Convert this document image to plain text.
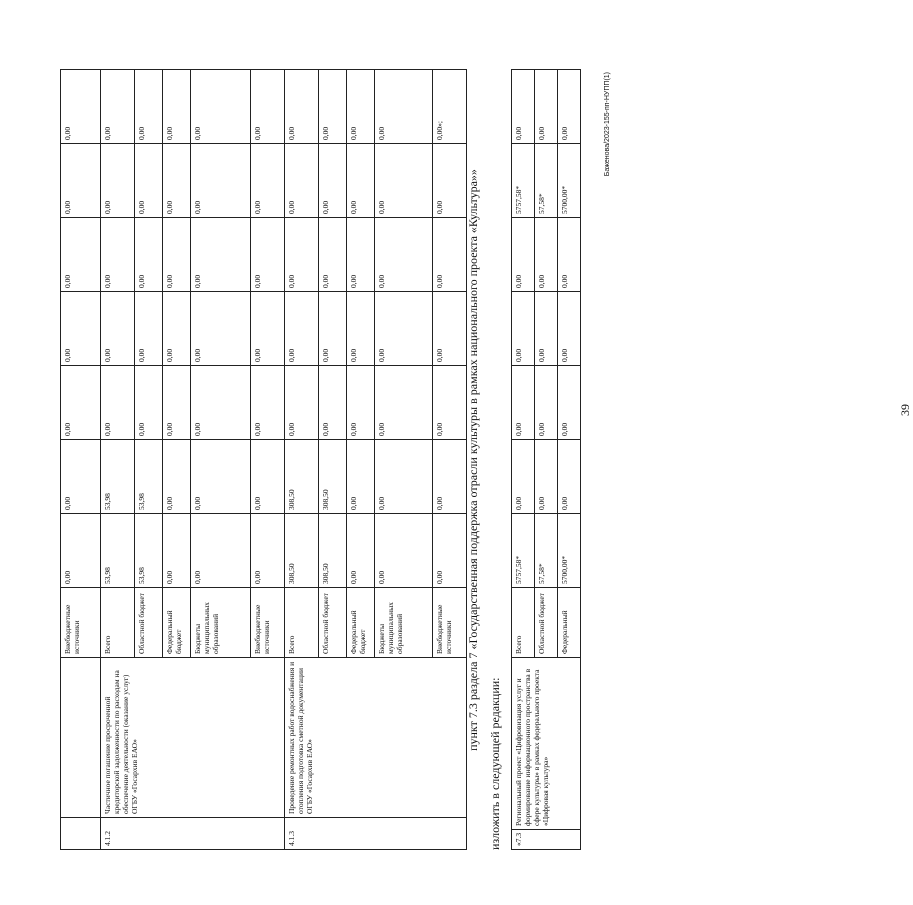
		Внебюджетные источники	0,00	0,00	0,00	0,00	0,00	0,00	0,00
4.1.2	Частичное погашение просроченной кредиторской задолженности по расходам на обеспечение деятельности (оказание услуг) ОГБУ «Госархив ЕАО»	Всего	53,98	53,98	0,00	0,00	0,00	0,00	0,00
		Областной бюджет	53,98	53,98	0,00	0,00	0,00	0,00	0,00
		Федеральный бюджет	0,00	0,00	0,00	0,00	0,00	0,00	0,00
		Бюджеты муниципальных образований	0,00	0,00	0,00	0,00	0,00	0,00	0,00
		Внебюджетные источники	0,00	0,00	0,00	0,00	0,00	0,00	0,00
4.1.3	Проведение ремонтных работ водоснабжения и отопления подготовка сметной документации ОГБУ «Госархив ЕАО»	Всего	308,50	308,50	0,00	0,00	0,00	0,00	0,00
		Областной бюджет	308,50	308,50	0,00	0,00	0,00	0,00	0,00
		Федеральный бюджет	0,00	0,00	0,00	0,00	0,00	0,00	0,00
		Бюджеты муниципальных образований	0,00	0,00	0,00	0,00	0,00	0,00	0,00
		Внебюджетные источники	0,00	0,00	0,00	0,00	0,00	0,00	0,00»;
пункт 7.3 раздела 7 «Государственная поддержка отрасли культуры в рамках национального проекта «Культура»»

изложить в следующей редакции: «7.3	Региональный проект «Цифровизация услуг и формирование информационного пространства в сфере культуры» в рамках федерального проекта «Цифровая культура»	Всего	5757,58*	0,00	0,00	0,00	0,00	5757,58*	0,00
		Областной бюджет	57,58*	0,00	0,00	0,00	0,00	57,58*	0,00
		Федеральный	5700,00*	0,00	0,00	0,00	0,00	5700,00*	0,00
39
Баженова/2023-155-пп-НУПП(1)
